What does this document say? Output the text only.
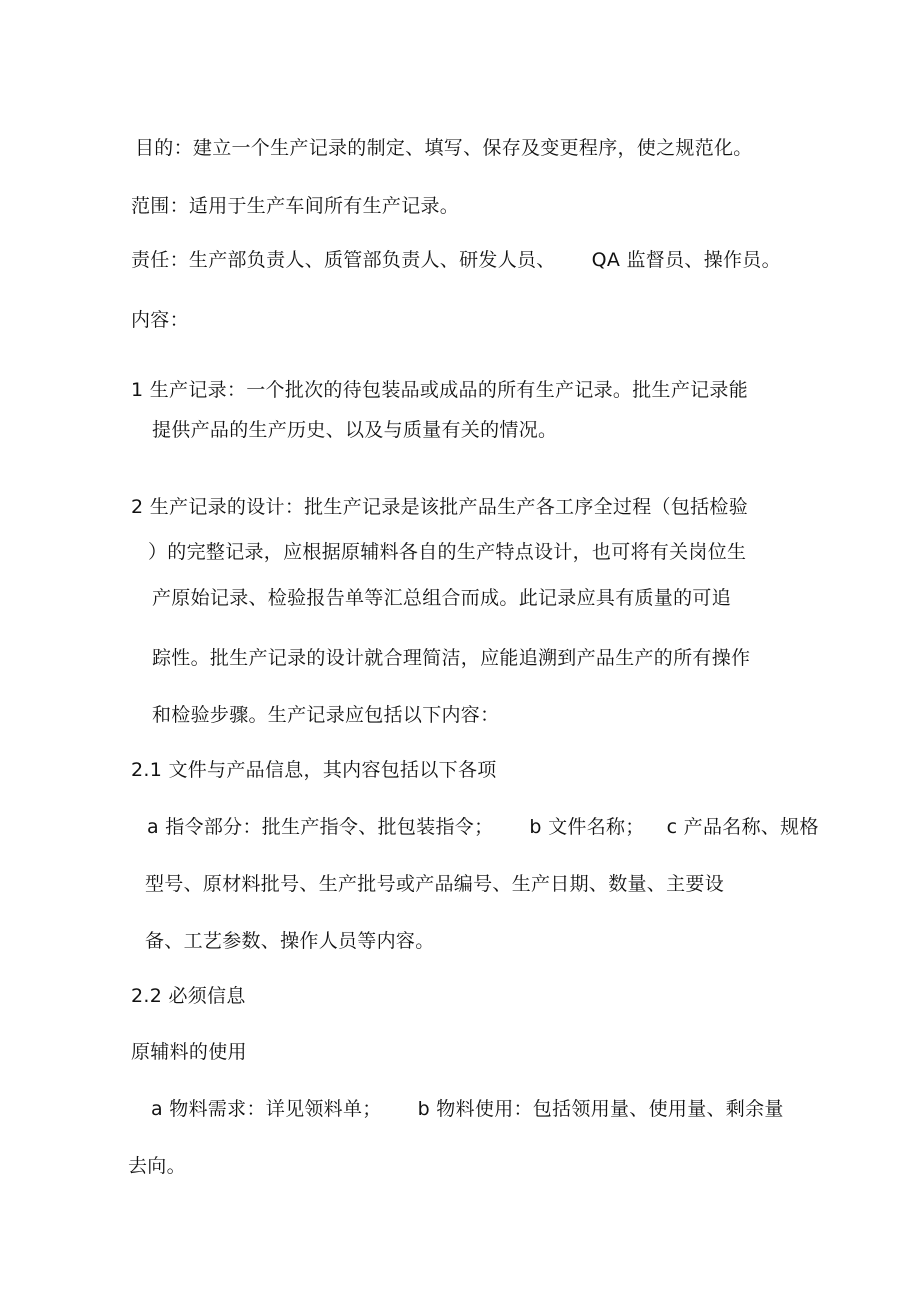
目的：建立一个生产记录的制定、填写、保存及变更程序，使之规范化。
范围：适用于生产车间所有生产记录。
责任：生产部负责人、质管部负责人、研发人员、 QA 监督员、操作员。
内容：
1 生产记录：一个批次的待包装品或成品的所有生产记录。批生产记录能
提供产品的生产历史、以及与质量有关的情况。
2 生产记录的设计：批生产记录是该批产品生产各工序全过程（包括检验
）的完整记录，应根据原辅料各自的生产特点设计，也可将有关岗位生
产原始记录、检验报告单等汇总组合而成。此记录应具有质量的可追
踪性。批生产记录的设计就合理简洁，应能追溯到产品生产的所有操作
和检验步骤。生产记录应包括以下内容：
2.1 文件与产品信息，其内容包括以下各项
a 指令部分：批生产指令、批包装指令； b 文件名称； c 产品名称、规格
型号、原材料批号、生产批号或产品编号、生产日期、数量、主要设
备、工艺参数、操作人员等内容。
2.2 必须信息
原辅料的使用
a 物料需求：详见领料单； b 物料使用：包括领用量、使用量、剩余量
去向。
